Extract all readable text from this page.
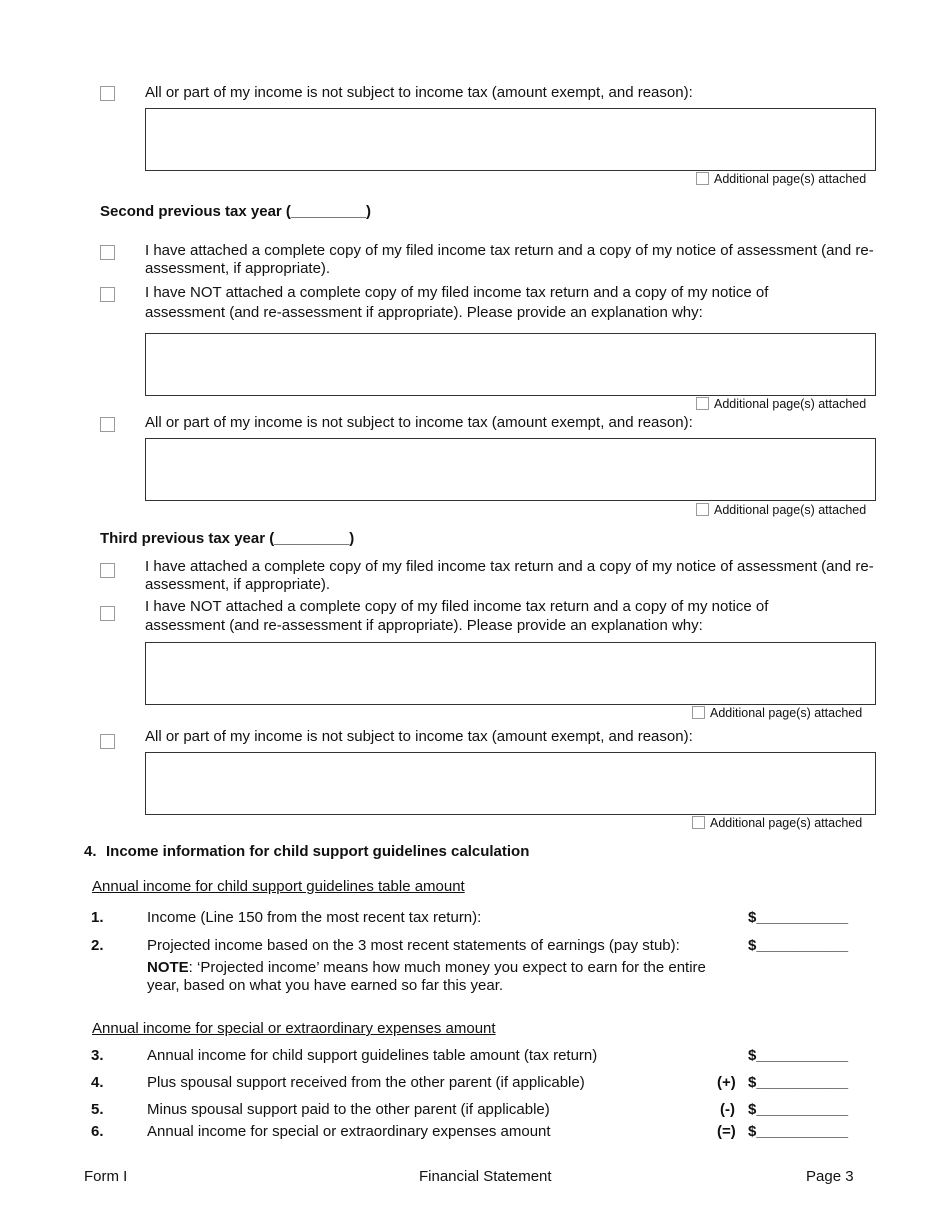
All or part of my income is not subject to income tax (amount exempt, and reason):
Additional page(s) attached
Second previous tax year (_________)
I have attached a complete copy of my filed income tax return and a copy of my notice of assessment (and re-assessment, if appropriate).
I have NOT attached a complete copy of my filed income tax return and a copy of my notice of
assessment (and re-assessment if appropriate). Please provide an explanation why:
Additional page(s) attached
All or part of my income is not subject to income tax (amount exempt, and reason):
Additional page(s) attached
Third previous tax year (_________)
I have attached a complete copy of my filed income tax return and a copy of my notice of assessment (and re-assessment, if appropriate).
I have NOT attached a complete copy of my filed income tax return and a copy of my notice of
assessment (and re-assessment if appropriate). Please provide an explanation why:
Additional page(s) attached
All or part of my income is not subject to income tax (amount exempt, and reason):
Additional page(s) attached
4. Income information for child support guidelines calculation
Annual income for child support guidelines table amount
1.	Income (Line 150 from the most recent tax return):	$___________
2.	Projected income based on the 3 most recent statements of earnings (pay stub):	$___________
NOTE: ‘Projected income’ means how much money you expect to earn for the entire year, based on what you have earned so far this year.
Annual income for special or extraordinary expenses amount
3.	Annual income for child support guidelines table amount (tax return)	$___________
4.	Plus spousal support received from the other parent (if applicable)	(+) $___________
5.	Minus spousal support paid to the other parent (if applicable)	(-) $___________
6.	Annual income for special or extraordinary expenses amount	(=) $___________
Form I	Financial Statement	Page 3
